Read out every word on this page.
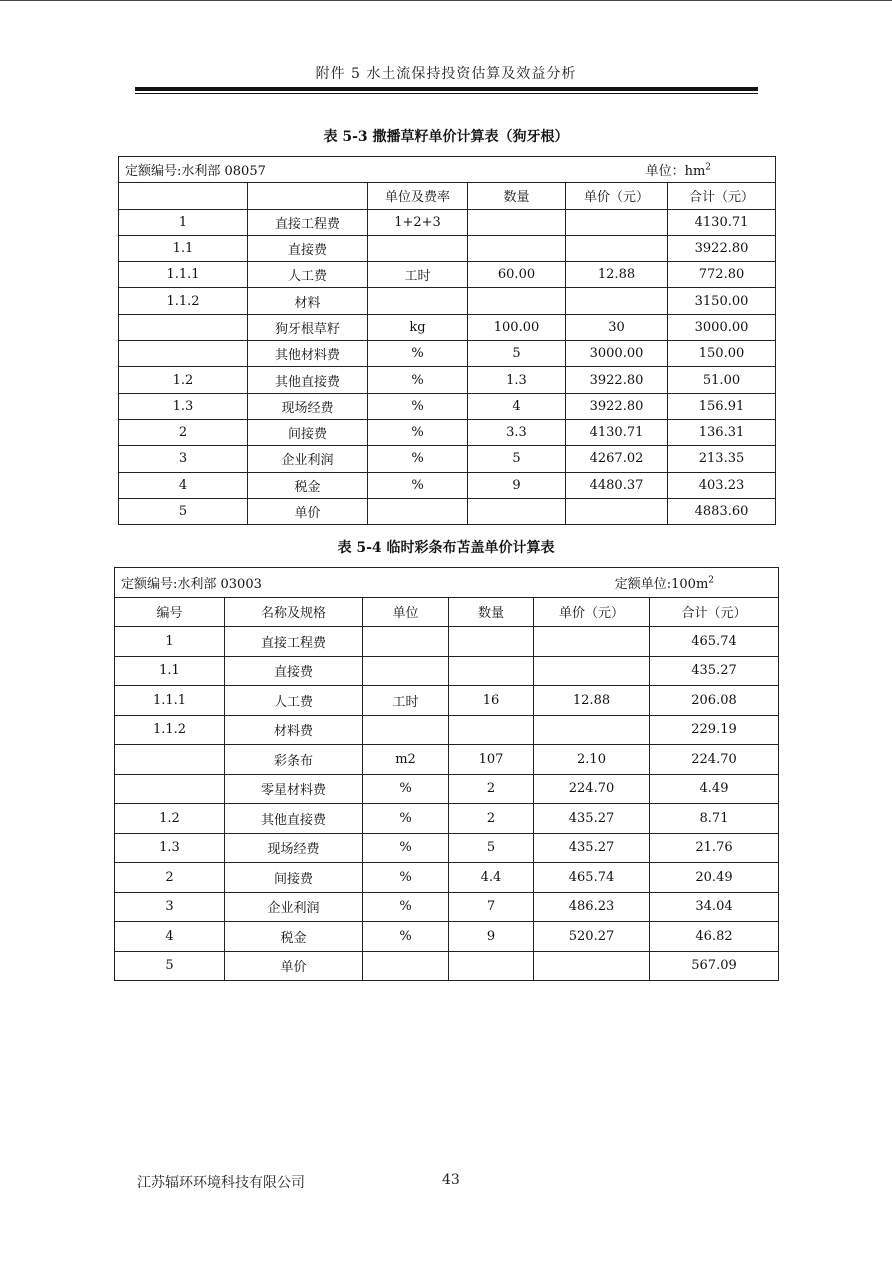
附件 5 水土流保持投资估算及效益分析
表 5-3 撒播草籽单价计算表（狗牙根）
定额编号:水利部 08057				单位：$hm^2$
		单位及费率	数量	单价（元）	合计（元）
1	直接工程费	1+2+3			4130.71
1.1	直接费				3922.80
1.1.1	人工费	工时	60.00	12.88	772.80
1.1.2	材料				3150.00
	狗牙根草籽	kg	100.00	30	3000.00
	其他材料费	%	5	3000.00	150.00
1.2	其他直接费	%	1.3	3922.80	51.00
1.3	现场经费	%	4	3922.80	156.91
2	间接费	%	3.3	4130.71	136.31
3	企业利润	%	5	4267.02	213.35
4	税金	%	9	4480.37	403.23
5	单价				4883.60
表 5-4 临时彩条布苫盖单价计算表
定额编号:水利部 03003				定额单位$:100m^2$
编号	名称及规格	单位	数量	单价（元）	合计（元）
1	直接工程费				465.74
1.1	直接费				435.27
1.1.1	人工费	工时	16	12.88	206.08
1.1.2	材料费				229.19
	彩条布	m2	107	2.10	224.70
	零星材料费	%	2	224.70	4.49
1.2	其他直接费	%	2	435.27	8.71
1.3	现场经费	%	5	435.27	21.76
2	间接费	%	4.4	465.74	20.49
3	企业利润	%	7	486.23	34.04
4	税金	%	9	520.27	46.82
5	单价				567.09
江苏辐环环境科技有限公司	43
